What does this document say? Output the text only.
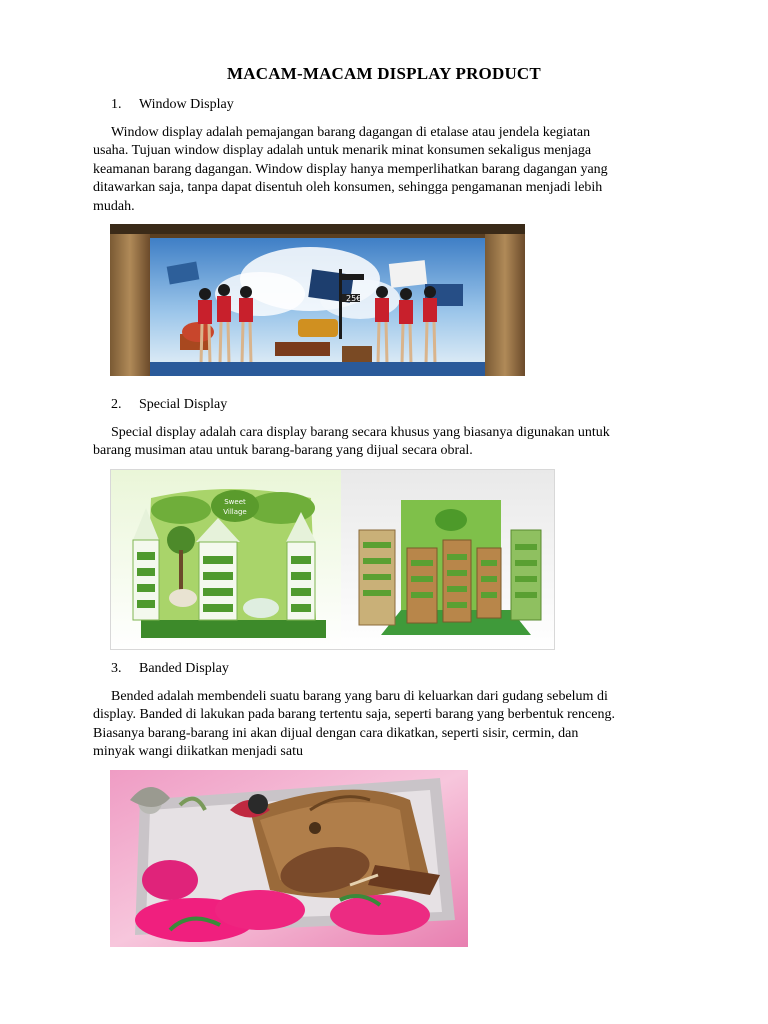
MACAM-MACAM DISPLAY PRODUCT
1. Window Display
Window display adalah pemajangan barang dagangan di etalase atau jendela kegiatan
usaha. Tujuan window display adalah untuk menarik minat konsumen sekaligus menjaga
keamanan barang dagangan. Window display hanya memperlihatkan barang dagangan yang
ditawarkan saja, tanpa dapat disentuh oleh konsumen, sehingga pengamanan menjadi lebih
mudah.
25€
2. Special Display
Special display adalah cara display barang secara khusus yang biasanya digunakan untuk
barang musiman atau untuk barang-barang yang dijual secara obral.
Sweet
Village
3. Banded Display
Bended adalah membendeli suatu barang yang baru di keluarkan dari gudang sebelum di
display. Banded di lakukan pada barang tertentu saja, seperti barang yang berbentuk renceng.
Biasanya barang-barang ini akan dijual dengan cara dikatkan, seperti sisir, cermin, dan
minyak wangi diikatkan menjadi satu
